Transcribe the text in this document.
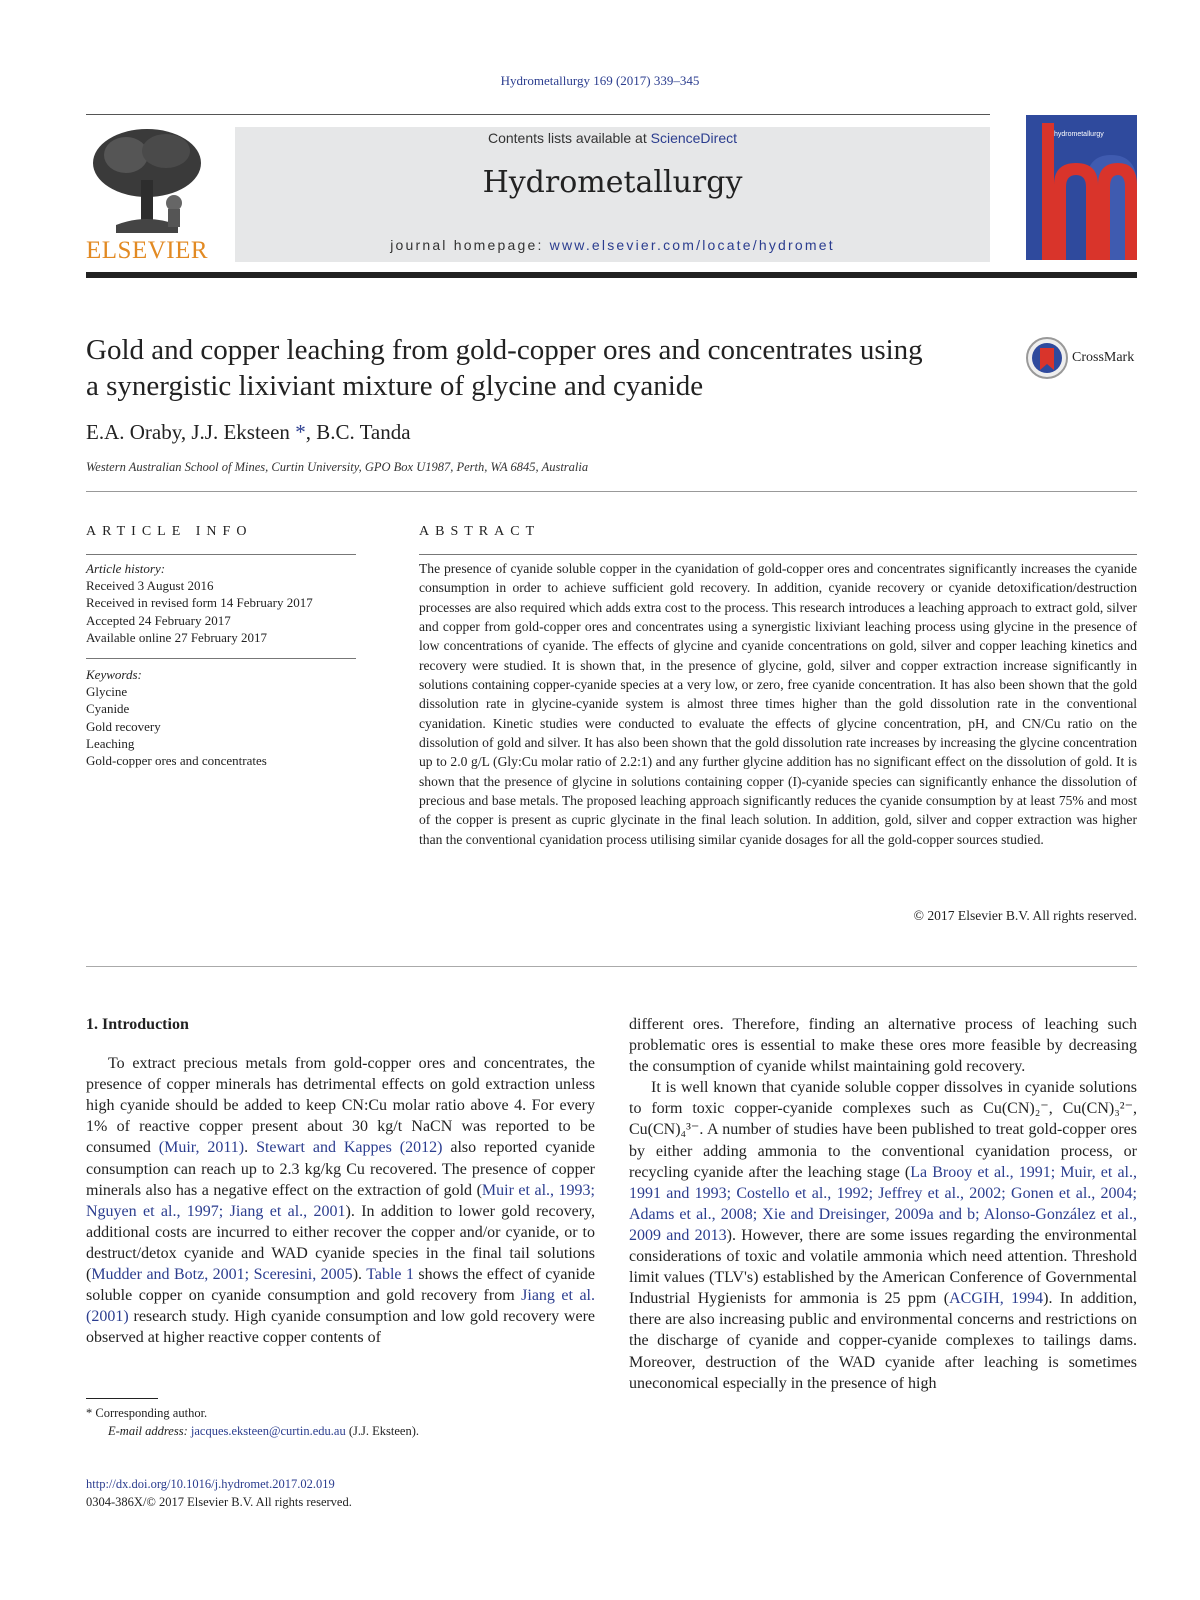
Hydrometallurgy 169 (2017) 339–345
ELSEVIER
Contents lists available at ScienceDirect
Hydrometallurgy
journal homepage: www.elsevier.com/locate/hydromet
hydrometallurgy
Gold and copper leaching from gold-copper ores and concentrates using
a synergistic lixiviant mixture of glycine and cyanide
CrossMark
E.A. Oraby, J.J. Eksteen *, B.C. Tanda
Western Australian School of Mines, Curtin University, GPO Box U1987, Perth, WA 6845, Australia
ARTICLE INFO	ABSTRACT
Article history:
Received 3 August 2016
Received in revised form 14 February 2017
Accepted 24 February 2017
Available online 27 February 2017
Keywords:
Glycine
Cyanide
Gold recovery
Leaching
Gold-copper ores and concentrates
The presence of cyanide soluble copper in the cyanidation of gold-copper ores and concentrates significantly increases the cyanide consumption in order to achieve sufficient gold recovery. In addition, cyanide recovery or cyanide detoxification/destruction processes are also required which adds extra cost to the process. This research introduces a leaching approach to extract gold, silver and copper from gold-copper ores and concentrates using a synergistic lixiviant leaching process using glycine in the presence of low concentrations of cyanide. The effects of glycine and cyanide concentrations on gold, silver and copper leaching kinetics and recovery were studied. It is shown that, in the presence of glycine, gold, silver and copper extraction increase significantly in solutions containing copper-cyanide species at a very low, or zero, free cyanide concentration. It has also been shown that the gold dissolution rate in glycine-cyanide system is almost three times higher than the gold dissolution rate in the conventional cyanidation. Kinetic studies were conducted to evaluate the effects of glycine concentration, pH, and CN/Cu ratio on the dissolution of gold and silver. It has also been shown that the gold dissolution rate increases by increasing the glycine concentration up to 2.0 g/L (Gly:Cu molar ratio of 2.2:1) and any further glycine addition has no significant effect on the dissolution of gold. It is shown that the presence of glycine in solutions containing copper (I)-cyanide species can significantly enhance the dissolution of precious and base metals. The proposed leaching approach significantly reduces the cyanide consumption by at least 75% and most of the copper is present as cupric glycinate in the final leach solution. In addition, gold, silver and copper extraction was higher than the conventional cyanidation process utilising similar cyanide dosages for all the gold-copper sources studied.
© 2017 Elsevier B.V. All rights reserved.

1. Introduction

To extract precious metals from gold-copper ores and concentrates, the presence of copper minerals has detrimental effects on gold extraction unless high cyanide should be added to keep CN:Cu molar ratio above 4. For every 1% of reactive copper present about 30 kg/t NaCN was reported to be consumed (Muir, 2011). Stewart and Kappes (2012) also reported cyanide consumption can reach up to 2.3 kg/kg Cu recovered. The presence of copper minerals also has a negative effect on the extraction of gold (Muir et al., 1993; Nguyen et al., 1997; Jiang et al., 2001). In addition to lower gold recovery, additional costs are incurred to either recover the copper and/or cyanide, or to destruct/detox cyanide and WAD cyanide species in the final tail solutions (Mudder and Botz, 2001; Sceresini, 2005). Table 1 shows the effect of cyanide soluble copper on cyanide consumption and gold recovery from Jiang et al. (2001) research study. High cyanide consumption and low gold recovery were observed at higher reactive copper contents of

different ores. Therefore, finding an alternative process of leaching such problematic ores is essential to make these ores more feasible by decreasing the consumption of cyanide whilst maintaining gold recovery.

It is well known that cyanide soluble copper dissolves in cyanide solutions to form toxic copper-cyanide complexes such as Cu(CN)₂⁻, Cu(CN)₃²⁻, Cu(CN)₄³⁻. A number of studies have been published to treat gold-copper ores by either adding ammonia to the conventional cyanidation process, or recycling cyanide after the leaching stage (La Brooy et al., 1991; Muir, et al., 1991 and 1993; Costello et al., 1992; Jeffrey et al., 2002; Gonen et al., 2004; Adams et al., 2008; Xie and Dreisinger, 2009a and b; Alonso-González et al., 2009 and 2013). However, there are some issues regarding the environmental considerations of toxic and volatile ammonia which need attention. Threshold limit values (TLV's) established by the American Conference of Governmental Industrial Hygienists for ammonia is 25 ppm (ACGIH, 1994). In addition, there are also increasing public and environmental concerns and restrictions on the discharge of cyanide and copper-cyanide complexes to tailings dams. Moreover, destruction of the WAD cyanide after leaching is sometimes uneconomical especially in the presence of high

* Corresponding author.
E-mail address: jacques.eksteen@curtin.edu.au (J.J. Eksteen).
http://dx.doi.org/10.1016/j.hydromet.2017.02.019
0304-386X/© 2017 Elsevier B.V. All rights reserved.
